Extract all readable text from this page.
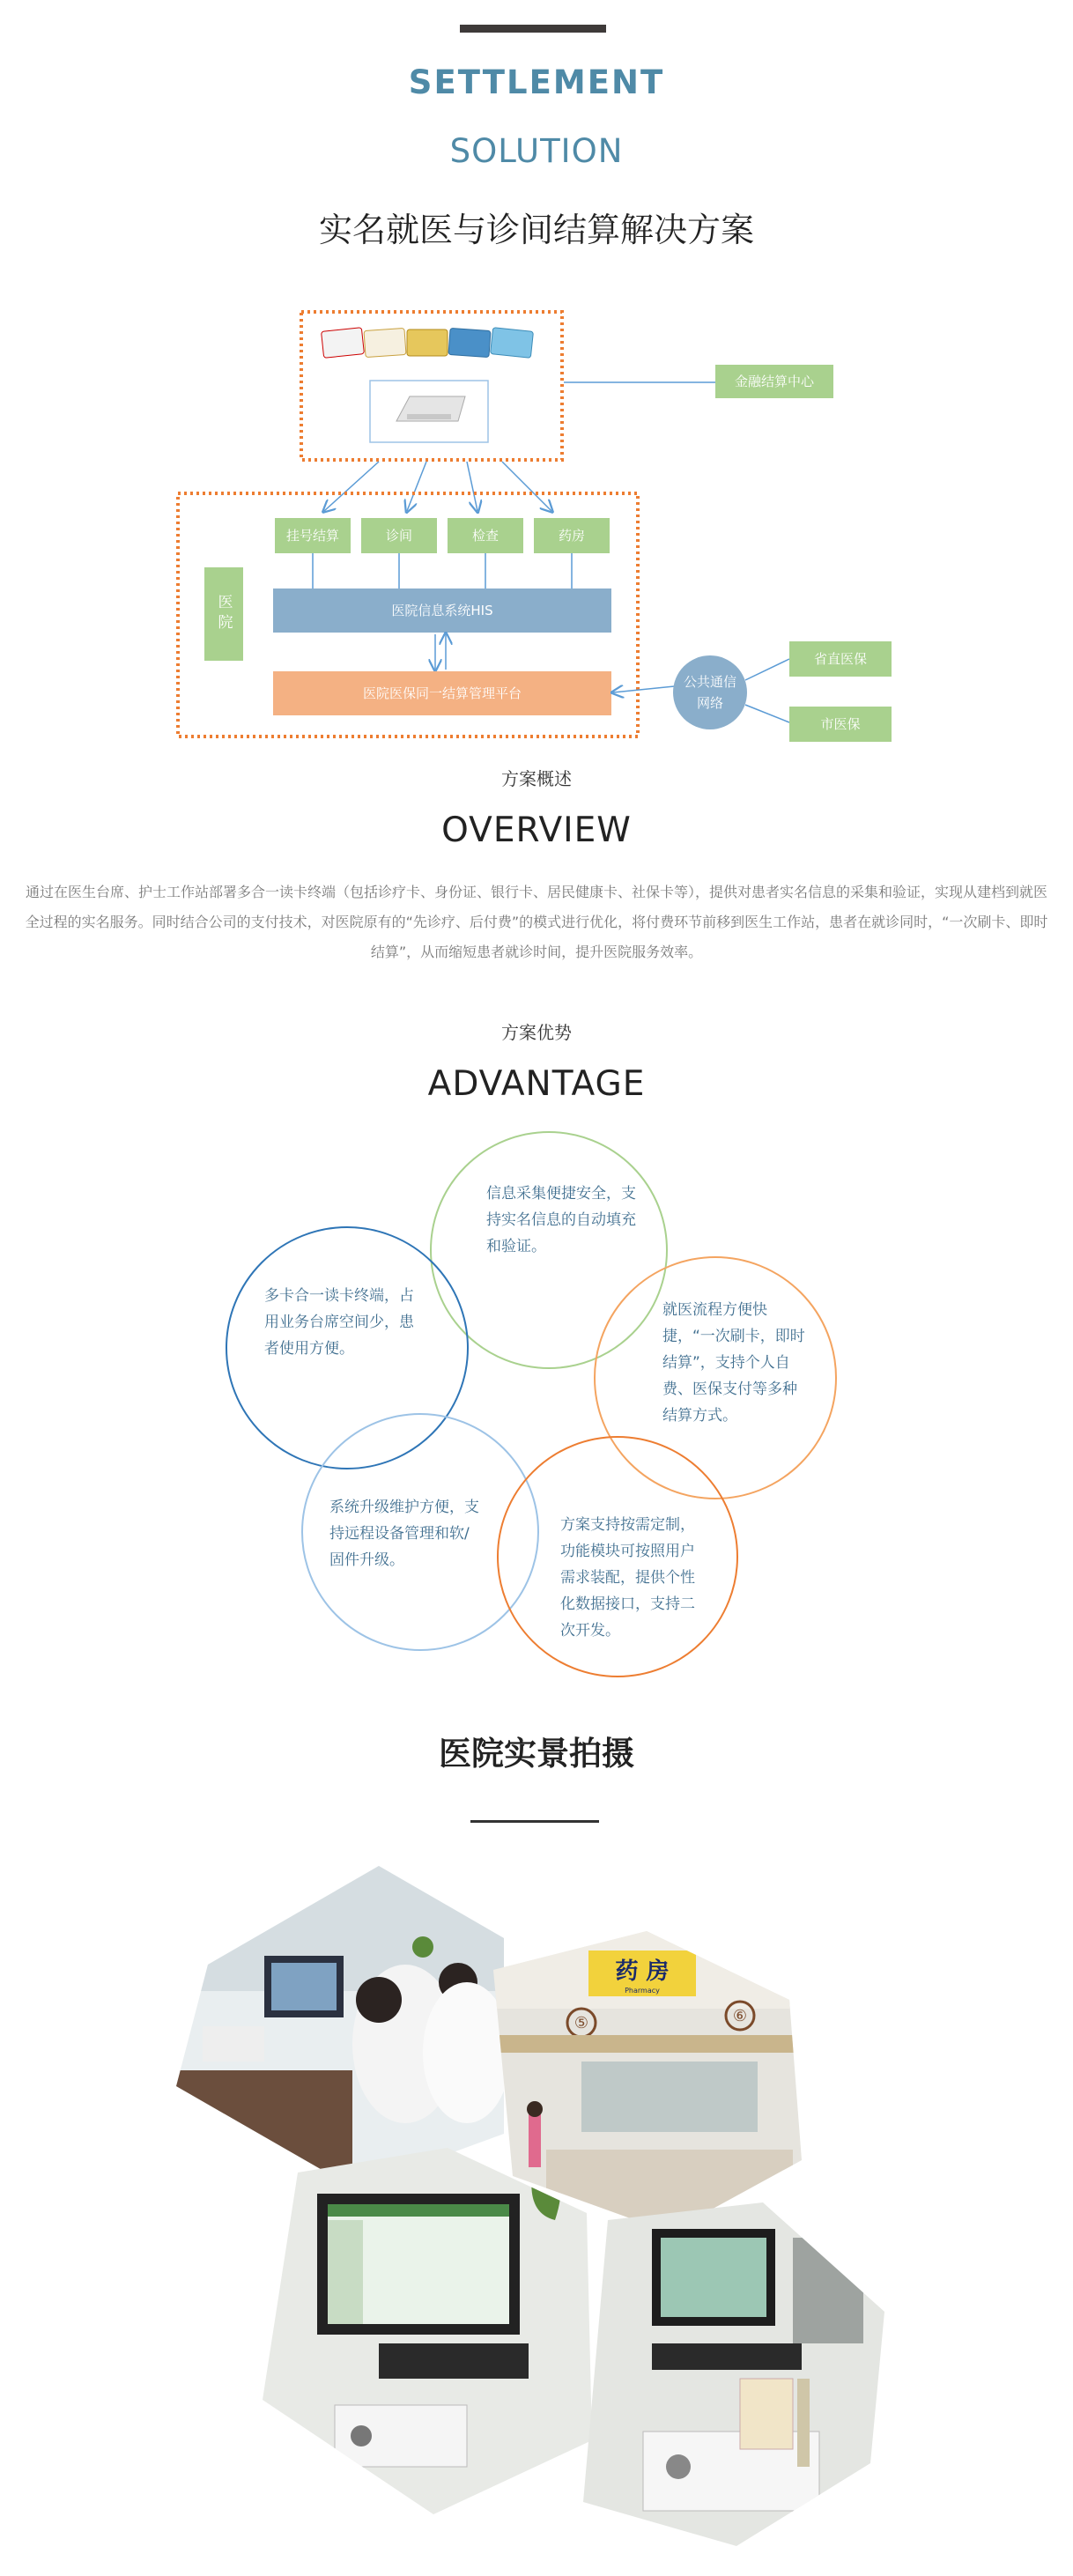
SETTLEMENT
SOLUTION
实名就医与诊间结算解决方案
金融结算中心
医院
挂号结算	诊间	检查	药房
医院信息系统HIS
医院医保同一结算管理平台
公共通信网络
省直医保
市医保
方案概述
OVERVIEW
通过在医生台席、护士工作站部署多合一读卡终端（包括诊疗卡、身份证、银行卡、居民健康卡、社保卡等），提供对患者实名信息的采集和验证，实现从建档到就医全过程的实名服务。同时结合公司的支付技术，对医院原有的“先诊疗、后付费”的模式进行优化，将付费环节前移到医生工作站，患者在就诊同时，“一次刷卡、即时结算”，从而缩短患者就诊时间，提升医院服务效率。
方案优势
ADVANTAGE
信息采集便捷安全，支持实名信息的自动填充和验证。
多卡合一读卡终端，占用业务台席空间少，患者使用方便。
就医流程方便快捷，“一次刷卡，即时结算”，支持个人自费、医保支付等多种结算方式。
系统升级维护方便，支持远程设备管理和软/固件升级。
方案支持按需定制，功能模块可按照用户需求装配，提供个性化数据接口，支持二次开发。
医院实景拍摄
药 房
Pharmacy
⑤	⑥
